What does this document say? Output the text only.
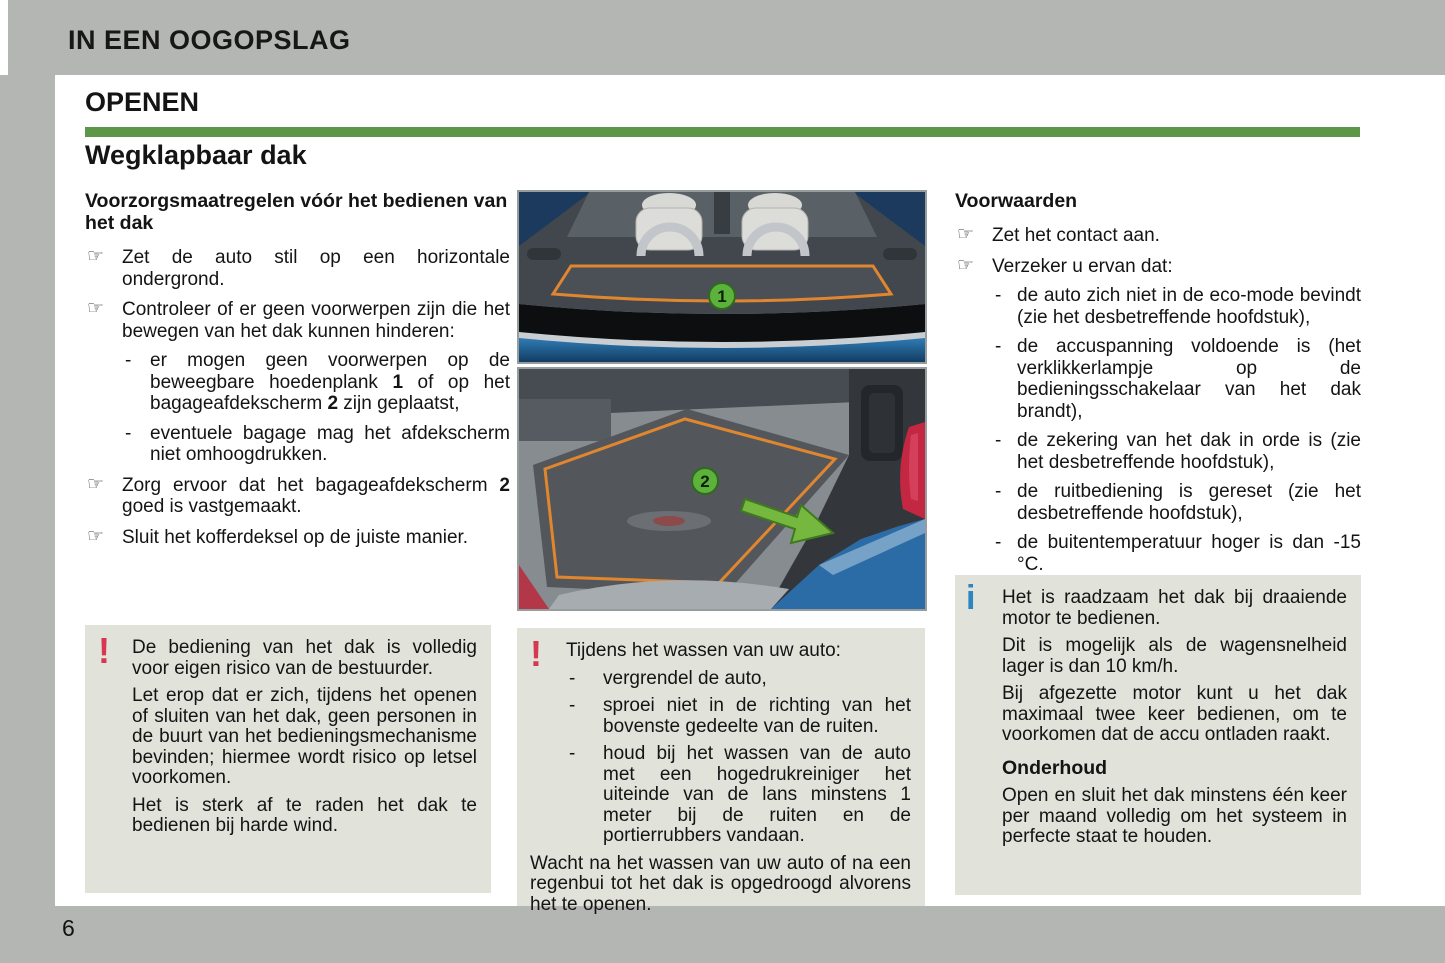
IN EEN OOGOPSLAG
6
OPENEN
Wegklapbaar dak
Voorzorgsmaatregelen vóór het bedienen van het dak
☞ Zet de auto stil op een horizontale ondergrond.

☞ Controleer of er geen voorwerpen zijn die het bewegen van het dak kunnen hinderen:

- er mogen geen voorwerpen op de beweegbare hoedenplank 1 of op het bagageafdekscherm 2 zijn geplaatst,

- eventuele bagage mag het afdekscherm niet omhoogdrukken.

☞ Zorg ervoor dat het bagageafdekscherm 2 goed is vastgemaakt.

☞ Sluit het kofferdeksel op de juiste manier.

1
2
Voorwaarden
☞ Zet het contact aan.

☞ Verzeker u ervan dat:

- de auto zich niet in de eco-mode bevindt (zie het desbetreffende hoofdstuk),

- de accuspanning voldoende is (het verklikkerlampje op de bedieningsschakelaar van het dak brandt),

- de zekering van het dak in orde is (zie het desbetreffende hoofdstuk),

- de ruitbediening is gereset (zie het desbetreffende hoofdstuk),

- de buitentemperatuur hoger is dan -15 °C.

! De bediening van het dak is volledig voor eigen risico van de bestuurder.

Let erop dat er zich, tijdens het openen of sluiten van het dak, geen personen in de buurt van het bedieningsmechanisme bevinden; hiermee wordt risico op letsel voorkomen.

Het is sterk af te raden het dak te bedienen bij harde wind.

! Tijdens het wassen van uw auto:

- vergrendel de auto,

- sproei niet in de richting van het bovenste gedeelte van de ruiten.

- houd bij het wassen van de auto met een hogedrukreiniger het uiteinde van de lans minstens 1 meter bij de ruiten en de portierrubbers vandaan.

Wacht na het wassen van uw auto of na een regenbui tot het dak is opgedroogd alvorens het te openen.

i Het is raadzaam het dak bij draaiende motor te bedienen.

Dit is mogelijk als de wagensnelheid lager is dan 10 km/h.

Bij afgezette motor kunt u het dak maximaal twee keer bedienen, om te voorkomen dat de accu ontladen raakt.

Onderhoud

Open en sluit het dak minstens één keer per maand volledig om het systeem in perfecte staat te houden.
